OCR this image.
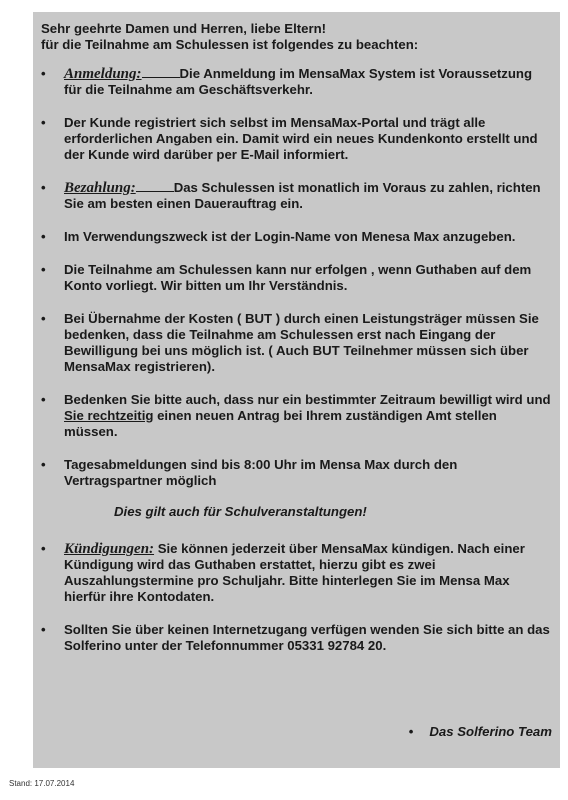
Sehr geehrte Damen und Herren, liebe Eltern!
für die Teilnahme am Schulessen ist folgendes zu beachten:
• Anmeldung:	Die Anmeldung im MensaMax System ist Voraussetzung für die Teilnahme am Geschäftsverkehr.
• Der Kunde registriert sich selbst im MensaMax-Portal und trägt alle erforderlichen Angaben ein. Damit wird ein neues Kundenkonto erstellt und der Kunde wird darüber per E-Mail informiert.
• Bezahlung:	Das Schulessen ist monatlich im Voraus zu zahlen, richten Sie am besten einen Dauerauftrag ein.
• Im Verwendungszweck ist der Login-Name von Menesa Max anzugeben.
• Die Teilnahme am Schulessen kann nur erfolgen , wenn Guthaben auf dem Konto vorliegt. Wir bitten um Ihr Verständnis.
• Bei Übernahme der Kosten ( BUT ) durch einen Leistungsträger müssen Sie bedenken, dass die Teilnahme am Schulessen erst nach Eingang der Bewilligung bei uns möglich ist. ( Auch BUT Teilnehmer müssen sich über MensaMax registrieren).
• Bedenken Sie bitte auch, dass nur ein bestimmter Zeitraum bewilligt wird und Sie rechtzeitig einen neuen Antrag bei Ihrem zuständigen Amt stellen müssen.
• Tagesabmeldungen sind bis 8:00 Uhr im Mensa Max durch den Vertragspartner möglich
Dies gilt auch für Schulveranstaltungen!
• Kündigungen: Sie können jederzeit über MensaMax kündigen. Nach einer Kündigung wird das Guthaben erstattet, hierzu gibt es zwei Auszahlungstermine pro Schuljahr. Bitte hinterlegen Sie im Mensa Max hierfür ihre Kontodaten.
• Sollten Sie über keinen Internetzugang verfügen wenden Sie sich bitte an das Solferino unter der Telefonnummer 05331 92784 20.
• Das Solferino Team
Stand: 17.07.2014
